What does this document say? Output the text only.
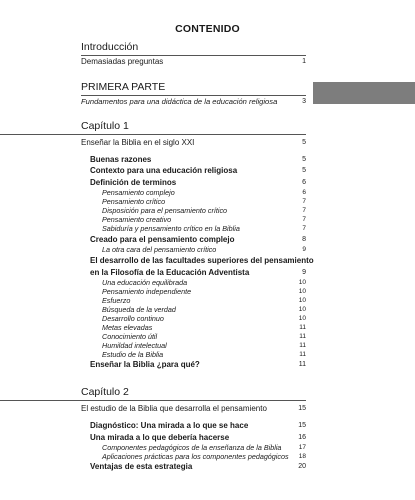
CONTENIDO
Introducción
Demasiadas preguntas	1
PRIMERA PARTE
Fundamentos para una didáctica de la educación religiosa	3
Capítulo 1
Enseñar la Biblia en el siglo XXI	5
Buenas razones	5
Contexto para una educación religiosa	5
Definición de terminos	6
Pensamiento complejo	6
Pensamiento crítico	7
Disposición para el pensamiento crítico	7
Pensamiento creativo	7
Sabiduría y pensamiento crítico en la Biblia	7
Creado para el pensamiento complejo	8
La otra cara del pensamiento crítico	9
El desarrollo de las facultades superiores del pensamiento
en la Filosofía de la Educación Adventista	9
Una educación equilibrada	10
Pensamiento independiente	10
Esfuerzo	10
Búsqueda de la verdad	10
Desarrollo continuo	10
Metas elevadas	11
Conocimiento útil	11
Humildad intelectual	11
Estudio de la Biblia	11
Enseñar la Biblia ¿para qué?	11
Capítulo 2
El estudio de la Biblia que desarrolla el pensamiento	15
Diagnóstico: Una mirada a lo que se hace	15
Una mirada a lo que debería hacerse	16
Componentes pedagógicos de la enseñanza de la Biblia	17
Aplicaciones prácticas para los componentes pedagógicos	18
Ventajas de esta estrategia	20
